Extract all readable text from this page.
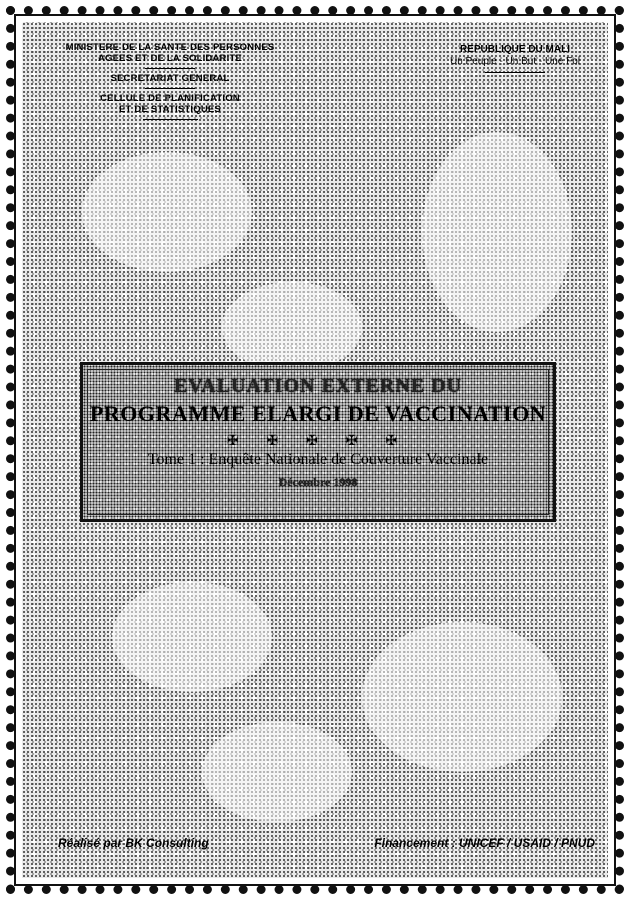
MINISTERE DE LA SANTE DES PERSONNES
AGEES ET DE LA SOLIDARITE
SECRETARIAT GENERAL
CELLULE DE PLANIFICATION
ET DE STATISTIQUES
REPUBLIQUE DU MALI
Un Peuple - Un But - Une Foi
EVALUATION EXTERNE DU
PROGRAMME ELARGI DE VACCINATION
✠ ✠ ✠ ✠ ✠
Tome 1 : Enquête Nationale de Couverture Vaccinale
Décembre 1998
Réalisé par BK Consulting	Financement : UNICEF / USAID / PNUD
